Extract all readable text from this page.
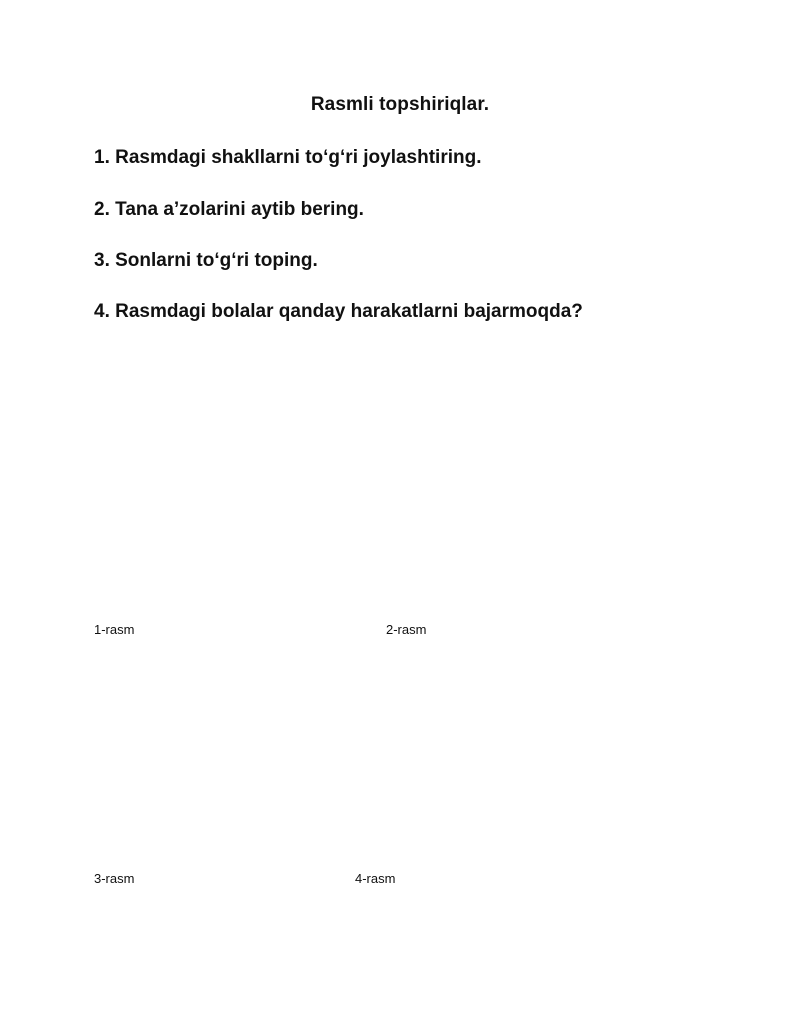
Rasmli topshiriqlar.
1. Rasmdagi shakllarni to‘g‘ri joylashtiring.
2. Tana a’zolarini aytib bering.
3. Sonlarni to‘g‘ri toping.
4. Rasmdagi bolalar qanday harakatlarni bajarmoqda?
1-rasm	2-rasm
3-rasm	4-rasm
